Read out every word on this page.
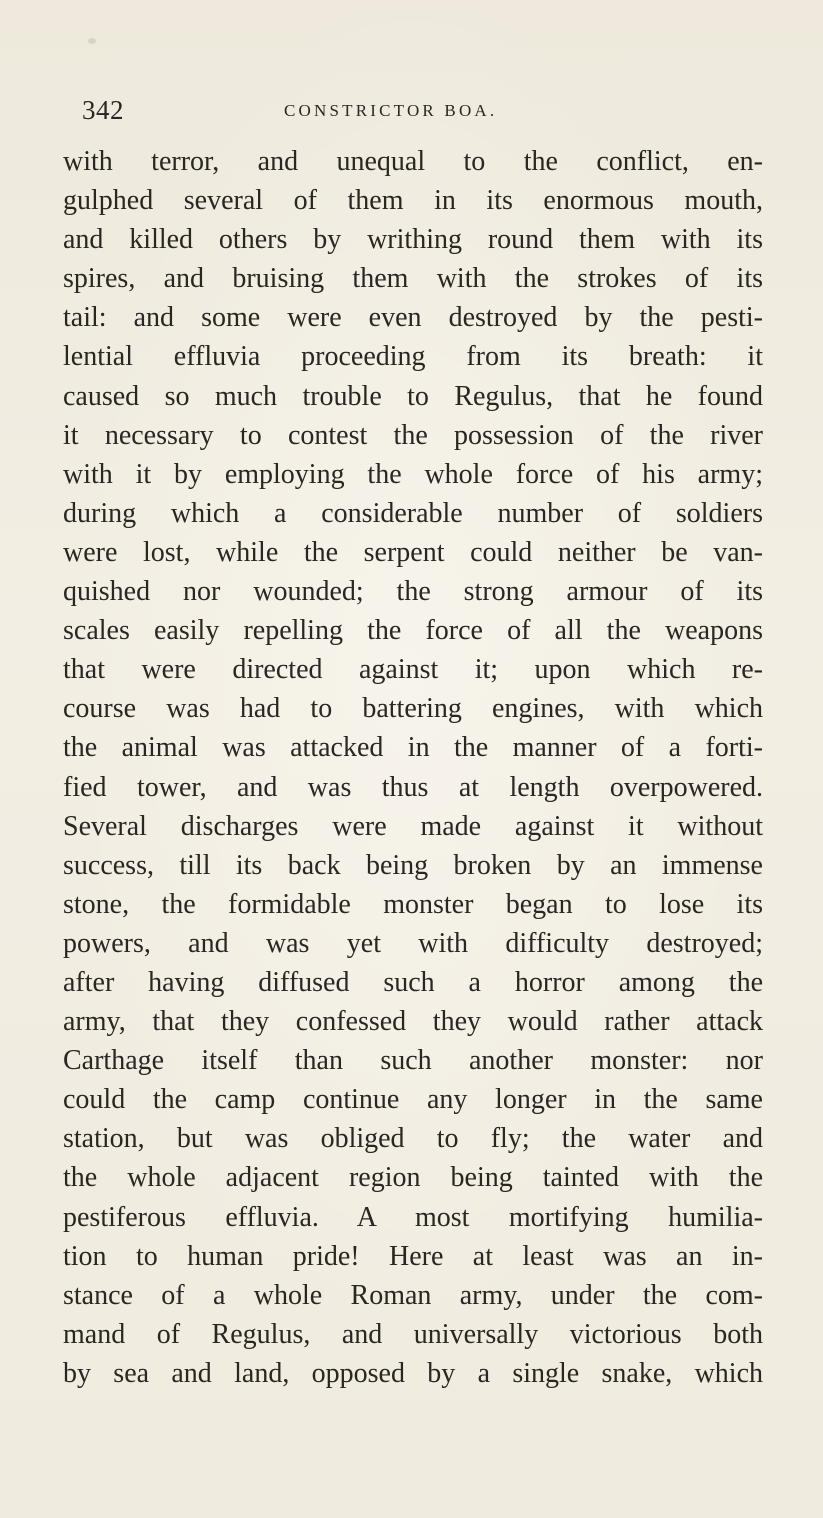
342	CONSTRICTOR BOA.
with terror, and unequal to the conflict, en-
gulphed several of them in its enormous mouth,
and killed others by writhing round them with its
spires, and bruising them with the strokes of its
tail: and some were even destroyed by the pesti-
lential effluvia proceeding from its breath: it
caused so much trouble to Regulus, that he found
it necessary to contest the possession of the river
with it by employing the whole force of his army;
during which a considerable number of soldiers
were lost, while the serpent could neither be van-
quished nor wounded; the strong armour of its
scales easily repelling the force of all the weapons
that were directed against it; upon which re-
course was had to battering engines, with which
the animal was attacked in the manner of a forti-
fied tower, and was thus at length overpowered.
Several discharges were made against it without
success, till its back being broken by an immense
stone, the formidable monster began to lose its
powers, and was yet with difficulty destroyed;
after having diffused such a horror among the
army, that they confessed they would rather attack
Carthage itself than such another monster: nor
could the camp continue any longer in the same
station, but was obliged to fly; the water and
the whole adjacent region being tainted with the
pestiferous effluvia. A most mortifying humilia-
tion to human pride! Here at least was an in-
stance of a whole Roman army, under the com-
mand of Regulus, and universally victorious both
by sea and land, opposed by a single snake, which
